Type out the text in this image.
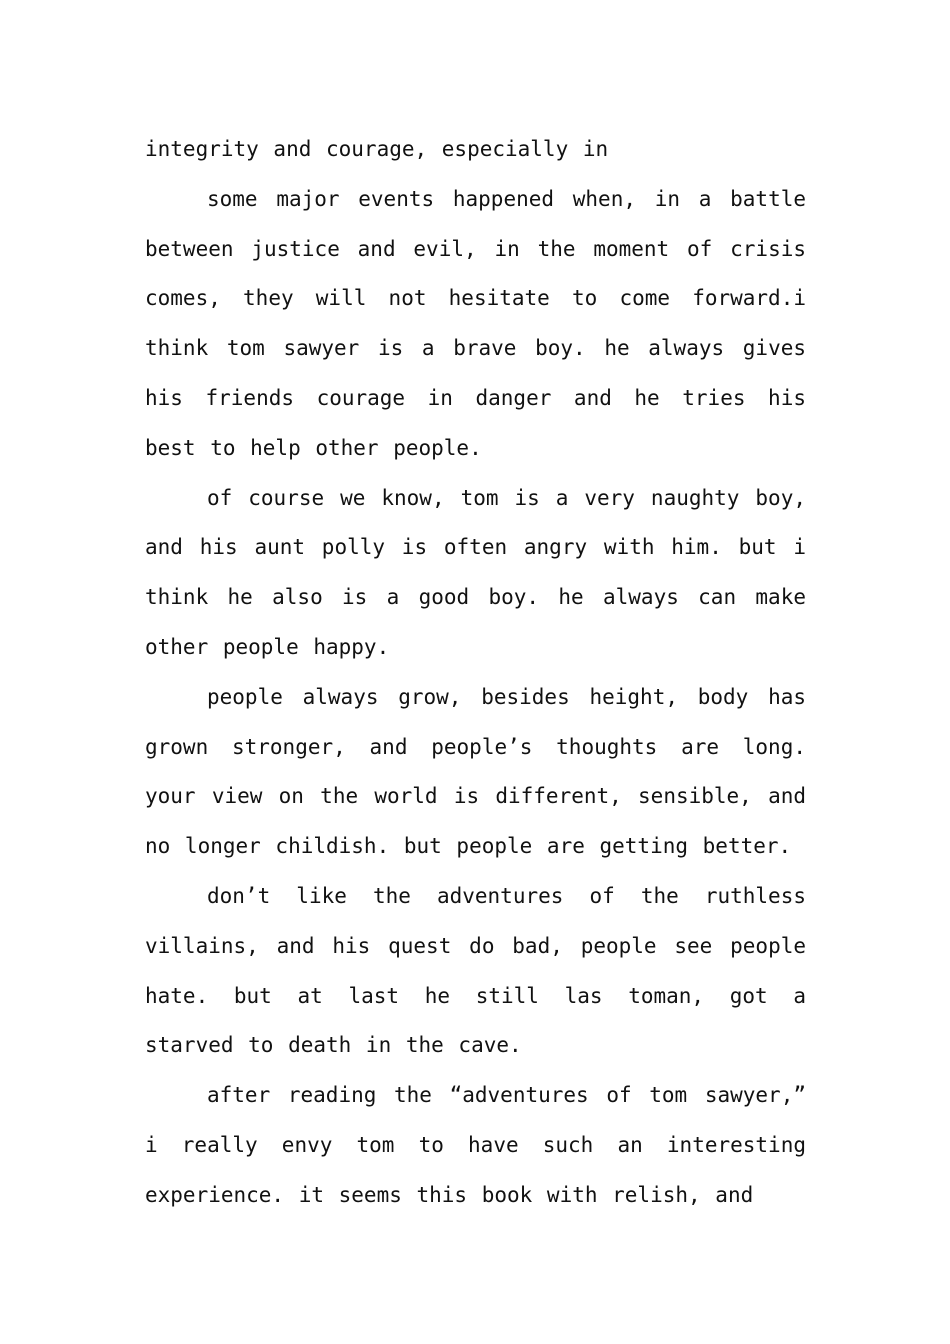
integrity and courage, especially in

some major events happened when, in a battle between justice and evil, in the moment of crisis comes, they will not hesitate to come forward.i think tom sawyer is a brave boy. he always gives his friends courage in danger and he tries his best to help other people.

of course we know, tom is a very naughty boy, and his aunt polly is often angry with him. but i think he also is a good boy. he always can make other people happy.

people always grow, besides height, body has grown stronger, and people’s thoughts are long. your view on the world is different, sensible, and no longer childish. but people are getting better.

don’t like the adventures of the ruthless villains, and his quest do bad, people see people hate. but at last he still las toman, got a starved to death in the cave.

after reading the “adventures of tom sawyer,” i really envy tom to have such an interesting experience. it seems this book with relish, and
